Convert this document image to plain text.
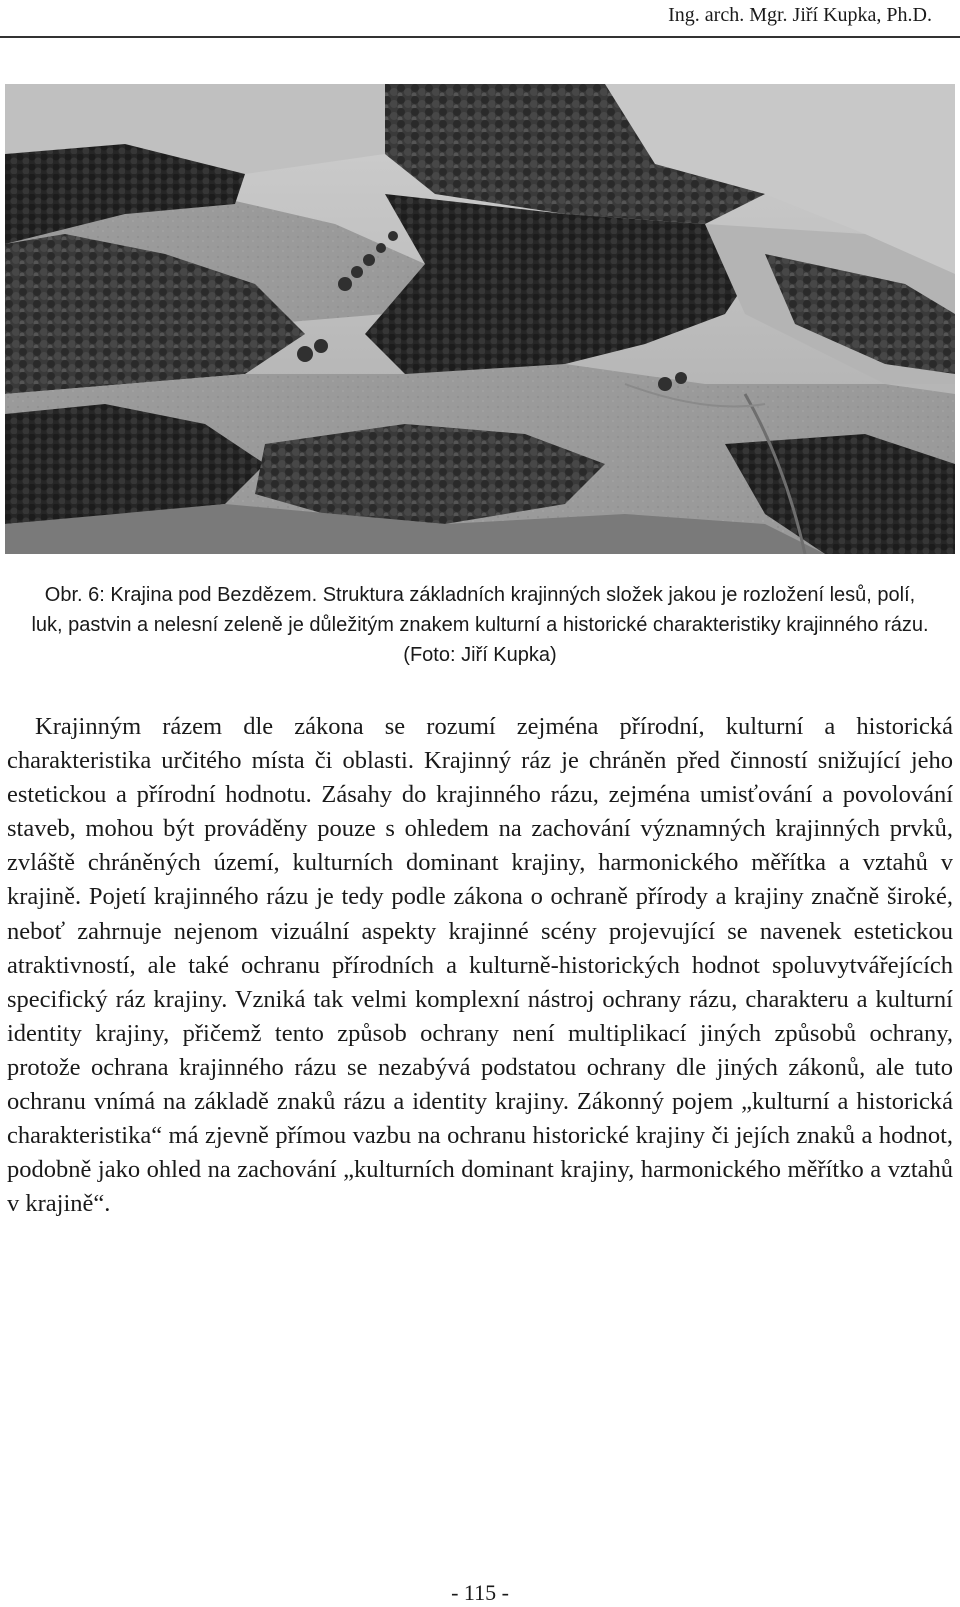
Ing. arch. Mgr. Jiří Kupka, Ph.D.
Obr. 6: Krajina pod Bezdězem. Struktura základních krajinných složek jakou je rozložení lesů, polí, luk, pastvin a nelesní zeleně je důležitým znakem kulturní a historické charakteristiky krajinného rázu. (Foto: Jiří Kupka)

Krajinným rázem dle zákona se rozumí zejména přírodní, kulturní a historická charakteristika určitého místa či oblasti. Krajinný ráz je chráněn před činností snižující jeho estetickou a přírodní hodnotu. Zásahy do krajinného rázu, zejména umisťování a povolování staveb, mohou být prováděny pouze s ohledem na zachování významných krajinných prvků, zvláště chráněných území, kulturních dominant krajiny, harmonického měřítka a vztahů v krajině. Pojetí krajinného rázu je tedy podle zákona o ochraně přírody a krajiny značně široké, neboť zahrnuje nejenom vizuální aspekty krajinné scény projevující se navenek estetickou atraktivností, ale také ochranu přírodních a kulturně-historických hodnot spoluvytvářejících specifický ráz krajiny. Vzniká tak velmi komplexní nástroj ochrany rázu, charakteru a kulturní identity krajiny, přičemž tento způsob ochrany není multiplikací jiných způsobů ochrany, protože ochrana krajinného rázu se nezabývá podstatou ochrany dle jiných zákonů, ale tuto ochranu vnímá na základě znaků rázu a identity krajiny. Zákonný pojem „kulturní a historická charakteristika“ má zjevně přímou vazbu na ochranu historické krajiny či jejích znaků a hodnot, podobně jako ohled na zachování „kulturních dominant krajiny, harmonického měřítko a vztahů v krajině“.

- 115 -
